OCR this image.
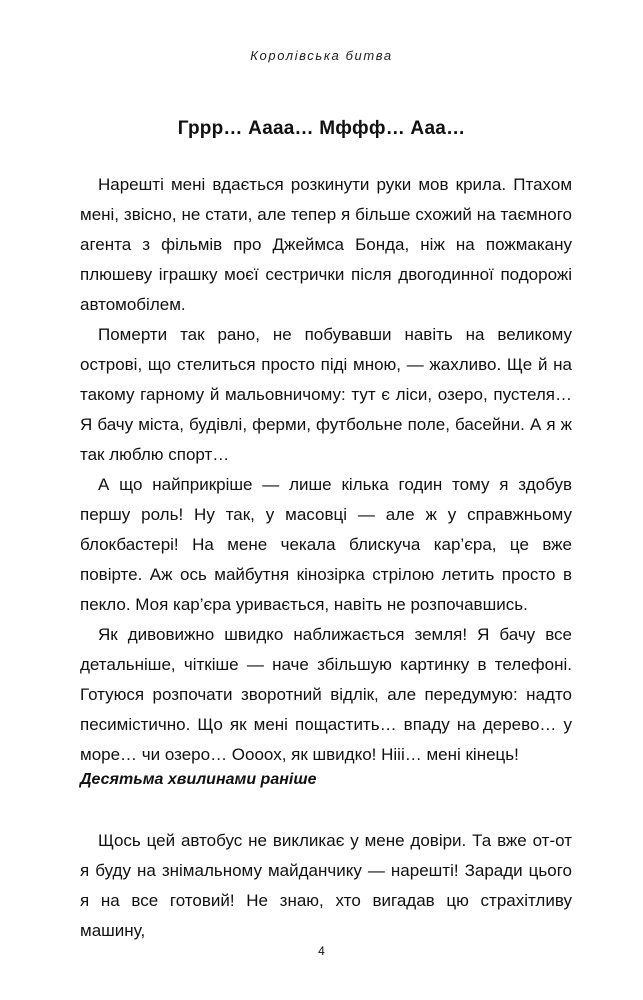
Королівська битва
Гррр… Аааа… Мффф… Ааа…

Нарешті мені вдається розкинути руки мов крила. Птахом мені, звісно, не стати, але тепер я більше схожий на таємного агента з фільмів про Джеймса Бонда, ніж на пожмакану плюшеву іграшку моєї сестрички після двогодинної подорожі автомобілем.

Померти так рано, не побувавши навіть на великому острові, що стелиться просто піді мною, — жахливо. Ще й на такому гарному й мальовничому: тут є ліси, озеро, пустеля… Я бачу міста, будівлі, ферми, футбольне поле, басейни. А я ж так люблю спорт…

А що найприкріше — лише кілька годин тому я здобув першу роль! Ну так, у масовці — але ж у справжньому блокбастері! На мене чекала блискуча кар’єра, це вже повірте. Аж ось майбутня кінозірка стрілою летить просто в пекло. Моя кар’єра уривається, навіть не розпочавшись.

Як дивовижно швидко наближається земля! Я бачу все детальніше, чіткіше — наче збільшую картинку в телефоні. Готуюся розпочати зворотний відлік, але передумую: надто песимістично. Що як мені пощастить… впаду на дерево… у море… чи озеро… Оооох, як швидко! Нііі… мені кінець!

Десятьма хвилинами раніше

Щось цей автобус не викликає у мене довіри. Та вже от-от я буду на знімальному майданчику — нарешті! Заради цього я на все готовий! Не знаю, хто вигадав цю страхітливу машину,

4
